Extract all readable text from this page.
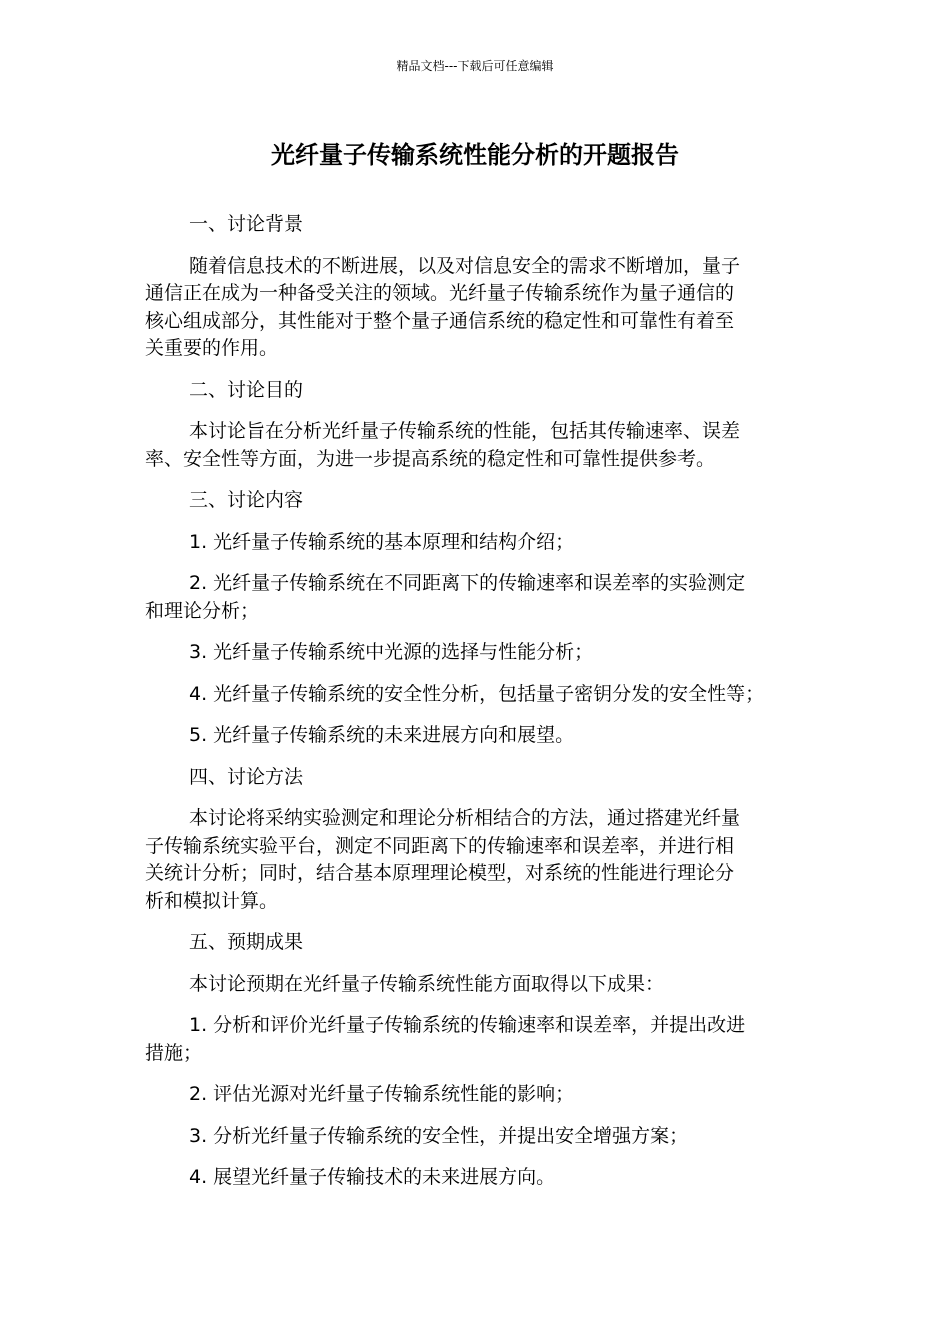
精品文档---下载后可任意编辑
光纤量子传输系统性能分析的开题报告
一、讨论背景
随着信息技术的不断进展，以及对信息安全的需求不断增加，量子
通信正在成为一种备受关注的领域。光纤量子传输系统作为量子通信的
核心组成部分，其性能对于整个量子通信系统的稳定性和可靠性有着至
关重要的作用。
二、讨论目的
本讨论旨在分析光纤量子传输系统的性能，包括其传输速率、误差
率、安全性等方面，为进一步提高系统的稳定性和可靠性提供参考。
三、讨论内容
1. 光纤量子传输系统的基本原理和结构介绍；
2. 光纤量子传输系统在不同距离下的传输速率和误差率的实验测定
和理论分析；
3. 光纤量子传输系统中光源的选择与性能分析；
4. 光纤量子传输系统的安全性分析，包括量子密钥分发的安全性等；
5. 光纤量子传输系统的未来进展方向和展望。
四、讨论方法
本讨论将采纳实验测定和理论分析相结合的方法，通过搭建光纤量
子传输系统实验平台，测定不同距离下的传输速率和误差率，并进行相
关统计分析；同时，结合基本原理理论模型，对系统的性能进行理论分
析和模拟计算。
五、预期成果
本讨论预期在光纤量子传输系统性能方面取得以下成果：
1. 分析和评价光纤量子传输系统的传输速率和误差率，并提出改进
措施；
2. 评估光源对光纤量子传输系统性能的影响；
3. 分析光纤量子传输系统的安全性，并提出安全增强方案；
4. 展望光纤量子传输技术的未来进展方向。
